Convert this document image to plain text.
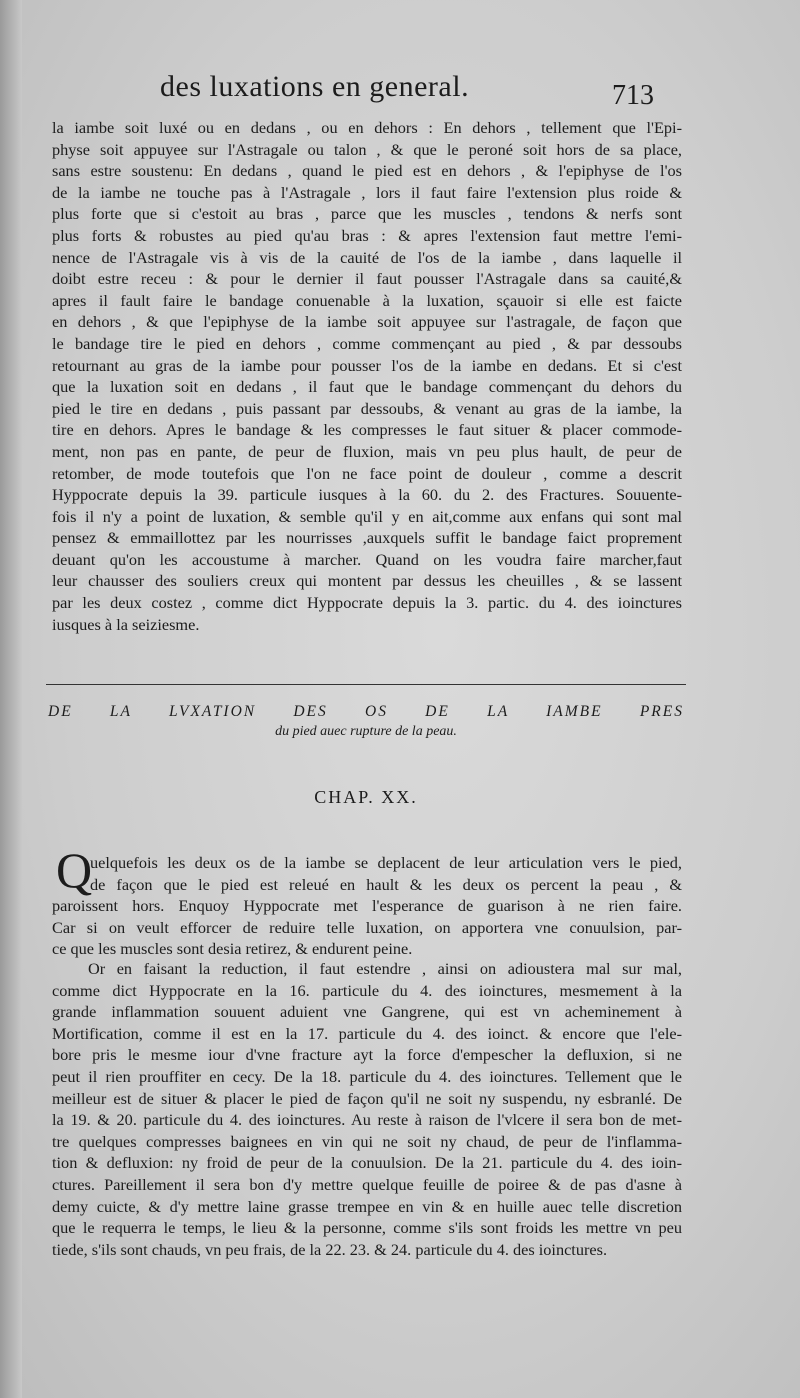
des luxations en general.	713
la iambe soit luxé ou en dedans , ou en dehors : En dehors , tellement que l'Epi-
physe soit appuyee sur l'Astragale ou talon , & que le peroné soit hors de sa place,
sans estre soustenu: En dedans , quand le pied est en dehors , & l'epiphyse de l'os
de la iambe ne touche pas à l'Astragale , lors il faut faire l'extension plus roide &
plus forte que si c'estoit au bras , parce que les muscles , tendons & nerfs sont
plus forts & robustes au pied qu'au bras : & apres l'extension faut mettre l'emi-
nence de l'Astragale vis à vis de la cauité de l'os de la iambe , dans laquelle il
doibt estre receu : & pour le dernier il faut pousser l'Astragale dans sa cauité,&
apres il fault faire le bandage conuenable à la luxation, sçauoir si elle est faicte
en dehors , & que l'epiphyse de la iambe soit appuyee sur l'astragale, de façon que
le bandage tire le pied en dehors , comme commençant au pied , & par dessoubs
retournant au gras de la iambe pour pousser l'os de la iambe en dedans. Et si c'est
que la luxation soit en dedans , il faut que le bandage commençant du dehors du
pied le tire en dedans , puis passant par dessoubs, & venant au gras de la iambe, la
tire en dehors. Apres le bandage & les compresses le faut situer & placer commode-
ment, non pas en pante, de peur de fluxion, mais vn peu plus hault, de peur de
retomber, de mode toutefois que l'on ne face point de douleur , comme a descrit
Hyppocrate depuis la 39. particule iusques à la 60. du 2. des Fractures. Souuente-
fois il n'y a point de luxation, & semble qu'il y en ait,comme aux enfans qui sont mal
pensez & emmaillottez par les nourrisses ,auxquels suffit le bandage faict proprement
deuant qu'on les accoustume à marcher. Quand on les voudra faire marcher,faut
leur chausser des souliers creux qui montent par dessus les cheuilles , & se lassent
par les deux costez , comme dict Hyppocrate depuis la 3. partic. du 4. des ioinctures
iusques à la seiziesme.
DE LA LVXATION DES OS DE LA IAMBE PRES
du pied auec rupture de la peau.
CHAP. XX.
Q
uelquefois les deux os de la iambe se deplacent de leur articulation vers le pied,
de façon que le pied est releué en hault & les deux os percent la peau , &
paroissent hors. Enquoy Hyppocrate met l'esperance de guarison à ne rien faire.
Car si on veult efforcer de reduire telle luxation, on apportera vne conuulsion, par-
ce que les muscles sont desia retirez, & endurent peine.
Or en faisant la reduction, il faut estendre , ainsi on adioustera mal sur mal,
comme dict Hyppocrate en la 16. particule du 4. des ioinctures, mesmement à la
grande inflammation souuent aduient vne Gangrene, qui est vn acheminement à
Mortification, comme il est en la 17. particule du 4. des ioinct. & encore que l'ele-
bore pris le mesme iour d'vne fracture ayt la force d'empescher la defluxion, si ne
peut il rien prouffiter en cecy. De la 18. particule du 4. des ioinctures. Tellement que le
meilleur est de situer & placer le pied de façon qu'il ne soit ny suspendu, ny esbranlé. De
la 19. & 20. particule du 4. des ioinctures. Au reste à raison de l'vlcere il sera bon de met-
tre quelques compresses baignees en vin qui ne soit ny chaud, de peur de l'inflamma-
tion & defluxion: ny froid de peur de la conuulsion. De la 21. particule du 4. des ioin-
ctures. Pareillement il sera bon d'y mettre quelque feuille de poiree & de pas d'asne à
demy cuicte, & d'y mettre laine grasse trempee en vin & en huille auec telle discretion
que le requerra le temps, le lieu & la personne, comme s'ils sont froids les mettre vn peu
tiede, s'ils sont chauds, vn peu frais, de la 22. 23. & 24. particule du 4. des ioinctures.
